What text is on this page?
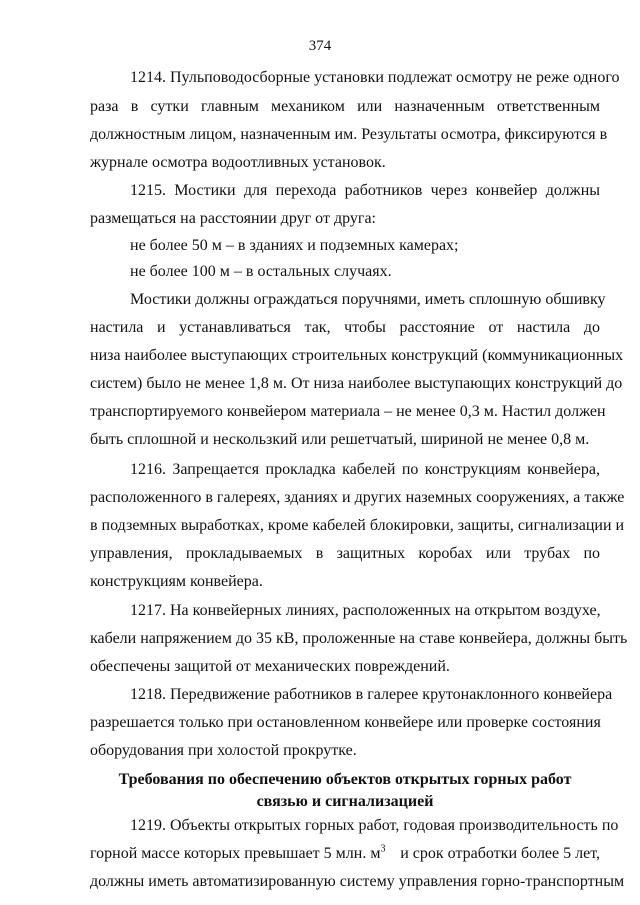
374
1214. Пульповодосборные установки подлежат осмотру не реже одного
раза в сутки главным механиком или назначенным ответственным
должностным лицом, назначенным им. Результаты осмотра, фиксируются в
журнале осмотра водоотливных установок.
1215. Мостики для перехода работников через конвейер должны
размещаться на расстоянии друг от друга:
не более 50 м – в зданиях и подземных камерах;
не более 100 м – в остальных случаях.
Мостики должны ограждаться поручнями, иметь сплошную обшивку
настила и устанавливаться так, чтобы расстояние от настила до
низа наиболее выступающих строительных конструкций (коммуникационных
систем) было не менее 1,8 м. От низа наиболее выступающих конструкций до
транспортируемого конвейером материала – не менее 0,3 м. Настил должен
быть сплошной и нескользкий или решетчатый, шириной не менее 0,8 м.
1216. Запрещается прокладка кабелей по конструкциям конвейера,
расположенного в галереях, зданиях и других наземных сооружениях, а также
в подземных выработках, кроме кабелей блокировки, защиты, сигнализации и
управления, прокладываемых в защитных коробах или трубах по
конструкциям конвейера.
1217. На конвейерных линиях, расположенных на открытом воздухе,
кабели напряжением до 35 кВ, проложенные на ставе конвейера, должны быть
обеспечены защитой от механических повреждений.
1218. Передвижение работников в галерее крутонаклонного конвейера
разрешается только при остановленном конвейере или проверке состояния
оборудования при холостой прокрутке.
Требования по обеспечению объектов открытых горных работ
связью и сигнализацией
1219. Объекты открытых горных работ, годовая производительность по
горной массе которых превышает 5 млн. $м^3$ и срок отработки более 5 лет,
должны иметь автоматизированную систему управления горно-транспортным
